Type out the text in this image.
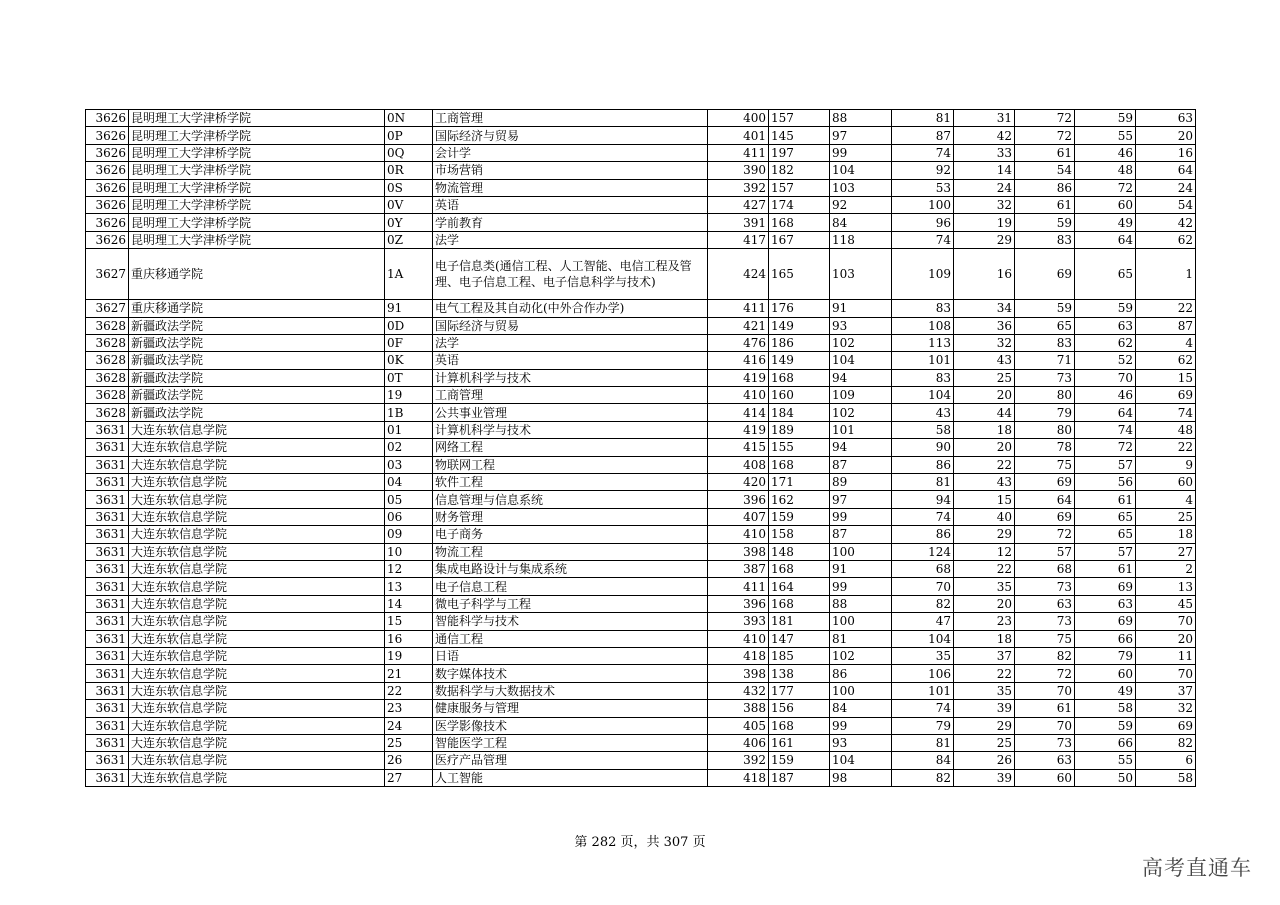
3626	昆明理工大学津桥学院	0N	工商管理	400	157	88	81	31	72	59	63
3626	昆明理工大学津桥学院	0P	国际经济与贸易	401	145	97	87	42	72	55	20
3626	昆明理工大学津桥学院	0Q	会计学	411	197	99	74	33	61	46	16
3626	昆明理工大学津桥学院	0R	市场营销	390	182	104	92	14	54	48	64
3626	昆明理工大学津桥学院	0S	物流管理	392	157	103	53	24	86	72	24
3626	昆明理工大学津桥学院	0V	英语	427	174	92	100	32	61	60	54
3626	昆明理工大学津桥学院	0Y	学前教育	391	168	84	96	19	59	49	42
3626	昆明理工大学津桥学院	0Z	法学	417	167	118	74	29	83	64	62
3627	重庆移通学院	1A	电子信息类(通信工程、人工智能、电信工程及管理、电子信息工程、电子信息科学与技术)	424	165	103	109	16	69	65	1
3627	重庆移通学院	91	电气工程及其自动化(中外合作办学)	411	176	91	83	34	59	59	22
3628	新疆政法学院	0D	国际经济与贸易	421	149	93	108	36	65	63	87
3628	新疆政法学院	0F	法学	476	186	102	113	32	83	62	4
3628	新疆政法学院	0K	英语	416	149	104	101	43	71	52	62
3628	新疆政法学院	0T	计算机科学与技术	419	168	94	83	25	73	70	15
3628	新疆政法学院	19	工商管理	410	160	109	104	20	80	46	69
3628	新疆政法学院	1B	公共事业管理	414	184	102	43	44	79	64	74
3631	大连东软信息学院	01	计算机科学与技术	419	189	101	58	18	80	74	48
3631	大连东软信息学院	02	网络工程	415	155	94	90	20	78	72	22
3631	大连东软信息学院	03	物联网工程	408	168	87	86	22	75	57	9
3631	大连东软信息学院	04	软件工程	420	171	89	81	43	69	56	60
3631	大连东软信息学院	05	信息管理与信息系统	396	162	97	94	15	64	61	4
3631	大连东软信息学院	06	财务管理	407	159	99	74	40	69	65	25
3631	大连东软信息学院	09	电子商务	410	158	87	86	29	72	65	18
3631	大连东软信息学院	10	物流工程	398	148	100	124	12	57	57	27
3631	大连东软信息学院	12	集成电路设计与集成系统	387	168	91	68	22	68	61	2
3631	大连东软信息学院	13	电子信息工程	411	164	99	70	35	73	69	13
3631	大连东软信息学院	14	微电子科学与工程	396	168	88	82	20	63	63	45
3631	大连东软信息学院	15	智能科学与技术	393	181	100	47	23	73	69	70
3631	大连东软信息学院	16	通信工程	410	147	81	104	18	75	66	20
3631	大连东软信息学院	19	日语	418	185	102	35	37	82	79	11
3631	大连东软信息学院	21	数字媒体技术	398	138	86	106	22	72	60	70
3631	大连东软信息学院	22	数据科学与大数据技术	432	177	100	101	35	70	49	37
3631	大连东软信息学院	23	健康服务与管理	388	156	84	74	39	61	58	32
3631	大连东软信息学院	24	医学影像技术	405	168	99	79	29	70	59	69
3631	大连东软信息学院	25	智能医学工程	406	161	93	81	25	73	66	82
3631	大连东软信息学院	26	医疗产品管理	392	159	104	84	26	63	55	6
3631	大连东软信息学院	27	人工智能	418	187	98	82	39	60	50	58
第 282 页，共 307 页
高考直通车
